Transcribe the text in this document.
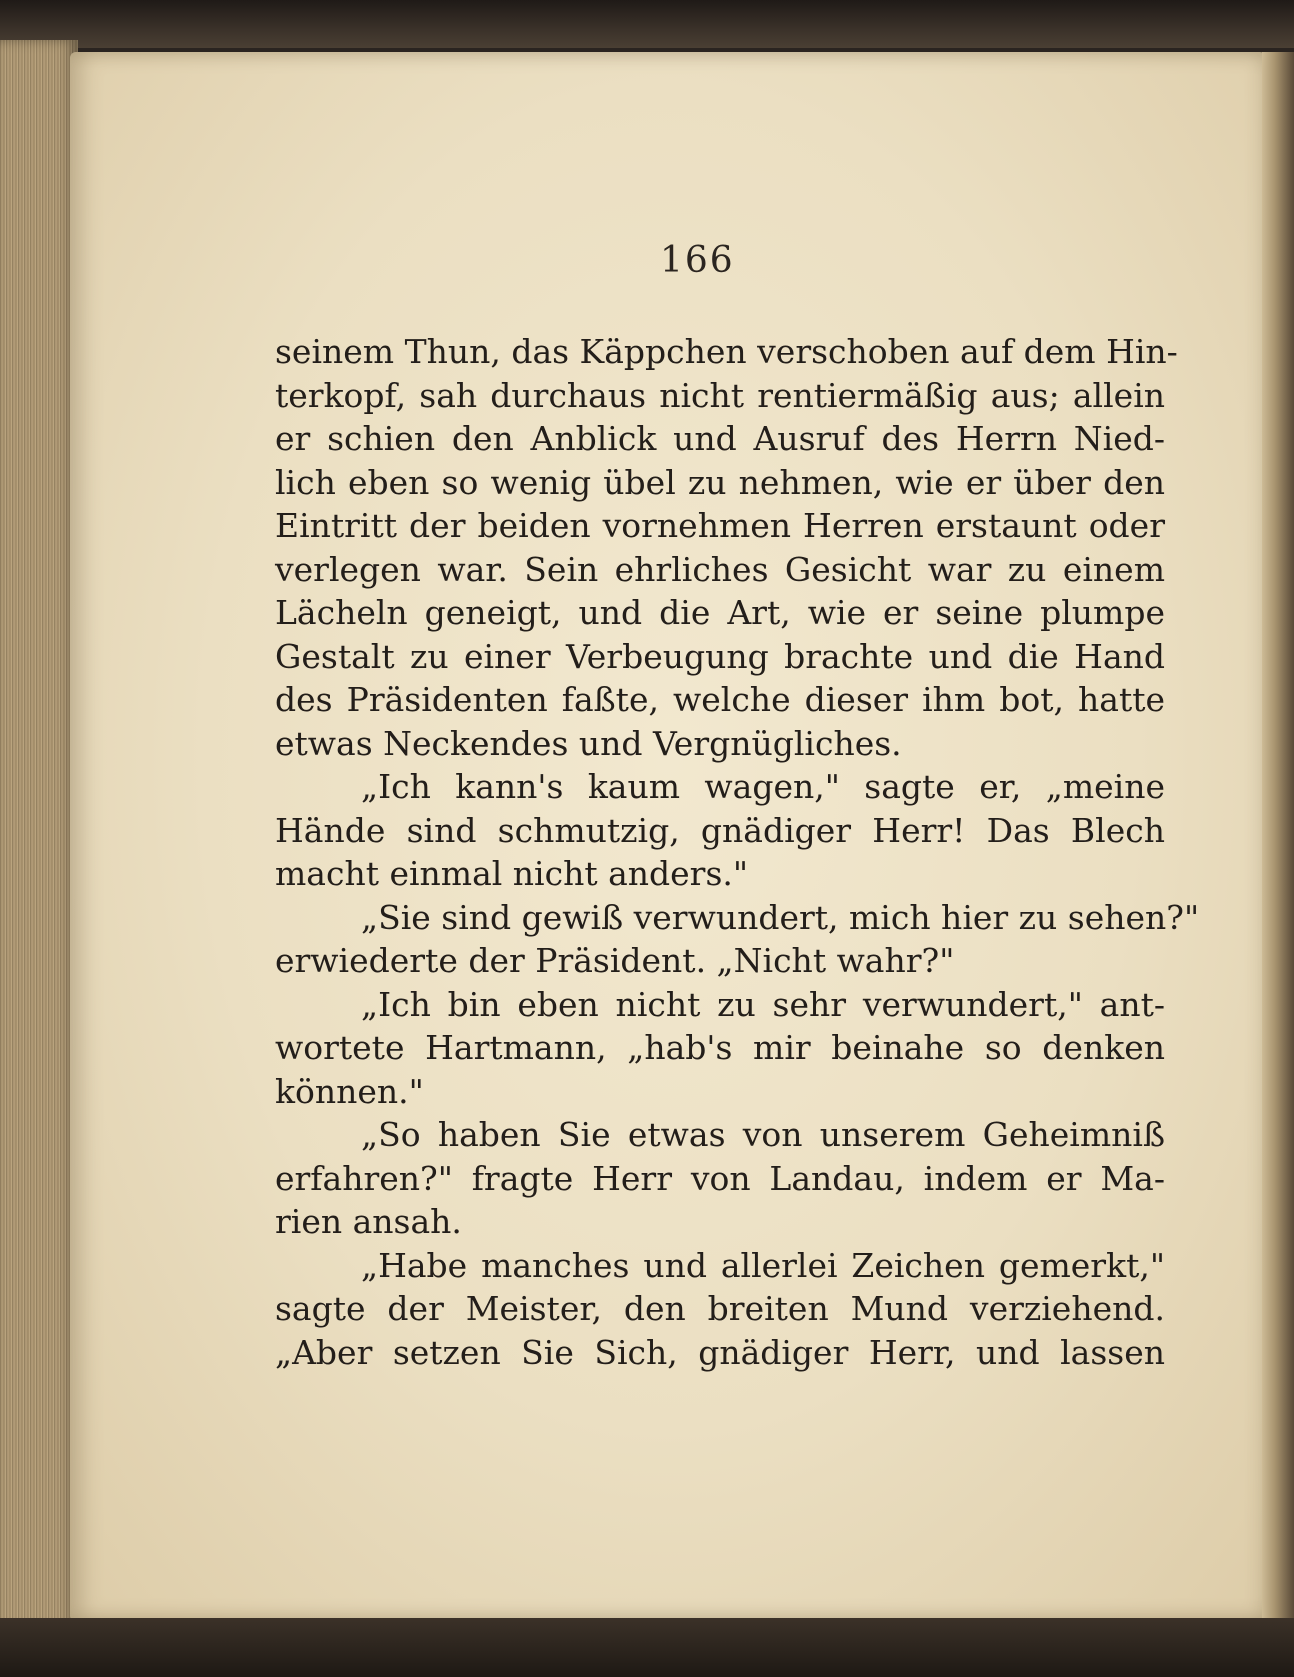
166
seinem Thun, das Käppchen verschoben auf dem Hin-
terkopf, sah durchaus nicht rentiermäßig aus; allein
er schien den Anblick und Ausruf des Herrn Nied-
lich eben so wenig übel zu nehmen, wie er über den
Eintritt der beiden vornehmen Herren erstaunt oder
verlegen war. Sein ehrliches Gesicht war zu einem
Lächeln geneigt, und die Art, wie er seine plumpe
Gestalt zu einer Verbeugung brachte und die Hand
des Präsidenten faßte, welche dieser ihm bot, hatte
etwas Neckendes und Vergnügliches.
„Ich kann's kaum wagen," sagte er, „meine
Hände sind schmutzig, gnädiger Herr! Das Blech
macht einmal nicht anders."
„Sie sind gewiß verwundert, mich hier zu sehen?"
erwiederte der Präsident. „Nicht wahr?"
„Ich bin eben nicht zu sehr verwundert," ant-
wortete Hartmann, „hab's mir beinahe so denken
können."
„So haben Sie etwas von unserem Geheimniß
erfahren?" fragte Herr von Landau, indem er Ma-
rien ansah.
„Habe manches und allerlei Zeichen gemerkt,"
sagte der Meister, den breiten Mund verziehend.
„Aber setzen Sie Sich, gnädiger Herr, und lassen
